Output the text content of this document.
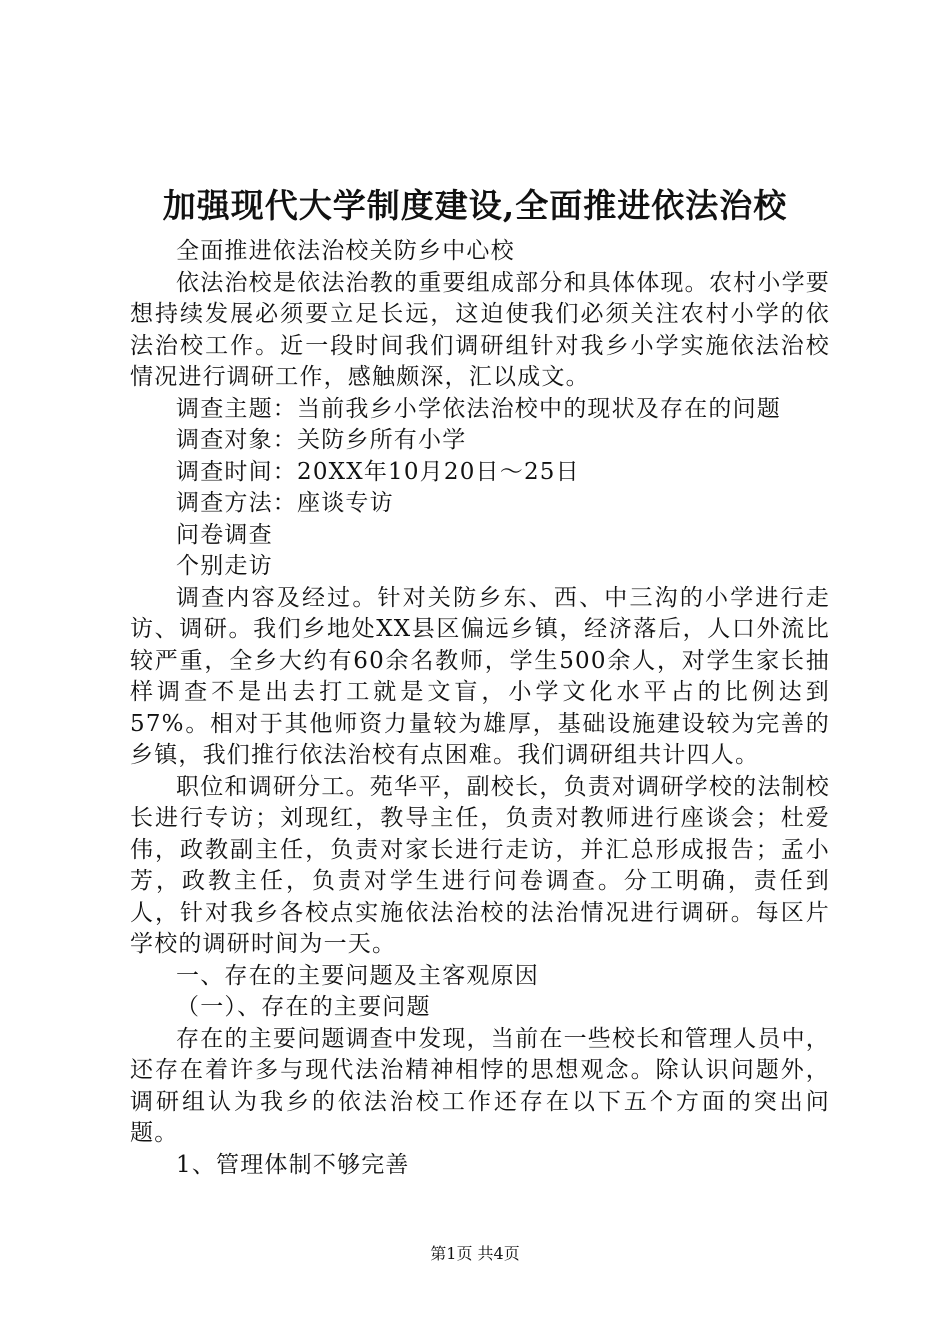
加强现代大学制度建设,全面推进依法治校

全面推进依法治校关防乡中心校

依法治校是依法治教的重要组成部分和具体体现。农村小学要想持续发展必须要立足长远，这迫使我们必须关注农村小学的依法治校工作。近一段时间我们调研组针对我乡小学实施依法治校情况进行调研工作，感触颇深，汇以成文。

调查主题：当前我乡小学依法治校中的现状及存在的问题

调查对象：关防乡所有小学

调查时间：20XX年10月20日～25日

调查方法：座谈专访

问卷调查

个别走访

调查内容及经过。针对关防乡东、西、中三沟的小学进行走访、调研。我们乡地处XX县区偏远乡镇，经济落后，人口外流比较严重，全乡大约有60余名教师，学生500余人，对学生家长抽样调查不是出去打工就是文盲，小学文化水平占的比例达到57%。相对于其他师资力量较为雄厚，基础设施建设较为完善的乡镇，我们推行依法治校有点困难。我们调研组共计四人。

职位和调研分工。苑华平，副校长，负责对调研学校的法制校长进行专访；刘现红，教导主任，负责对教师进行座谈会；杜爱伟，政教副主任，负责对家长进行走访，并汇总形成报告；孟小芳，政教主任，负责对学生进行问卷调查。分工明确，责任到人，针对我乡各校点实施依法治校的法治情况进行调研。每区片学校的调研时间为一天。

一、存在的主要问题及主客观原因

（一）、存在的主要问题

存在的主要问题调查中发现，当前在一些校长和管理人员中，还存在着许多与现代法治精神相悖的思想观念。除认识问题外，调研组认为我乡的依法治校工作还存在以下五个方面的突出问题。

1、管理体制不够完善

第1页 共4页
